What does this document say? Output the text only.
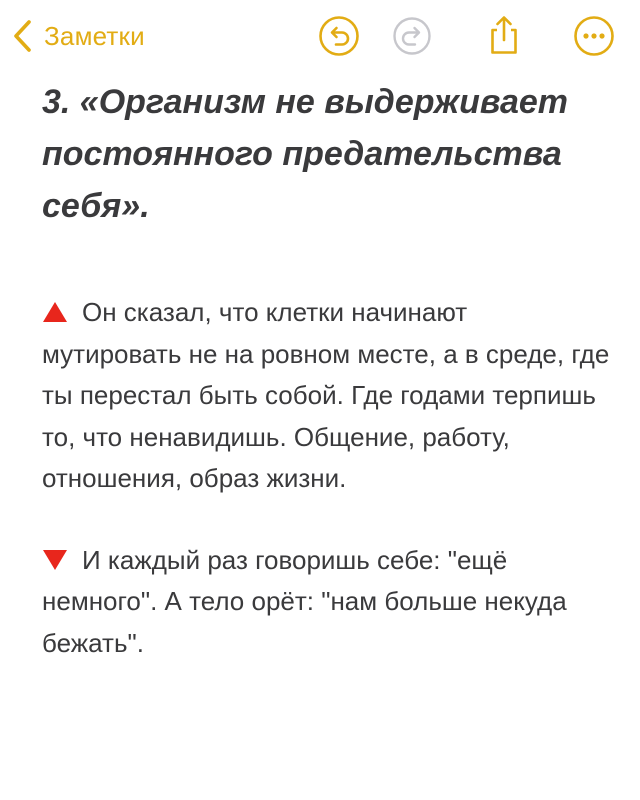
Заметки
3. «Организм не выдерживает постоянного предательства себя».

Он сказал, что клетки начинают мутировать не на ровном месте, а в среде, где ты перестал быть собой. Где годами терпишь то, что ненавидишь. Общение, работу, отношения, образ жизни.

И каждый раз говоришь себе: "ещё немного". А тело орёт: "нам больше некуда бежать".
